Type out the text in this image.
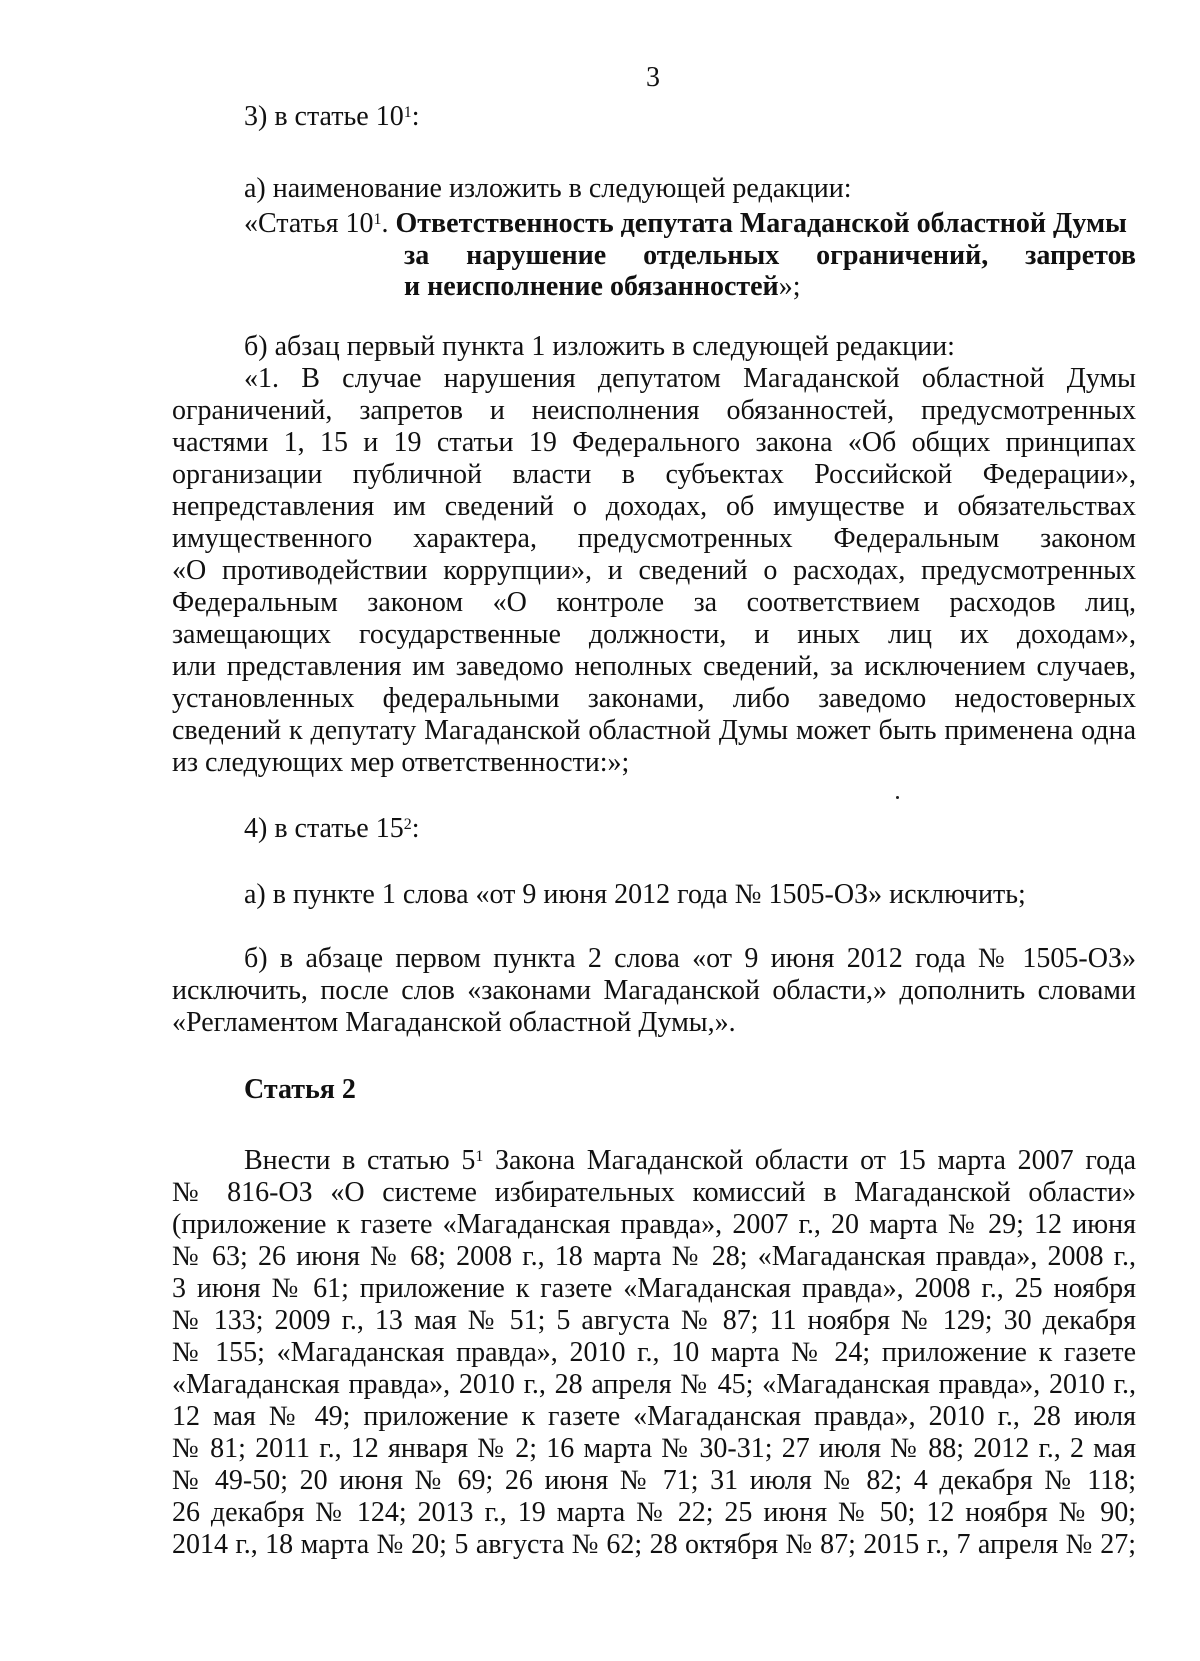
3
3) в статье $10^1$:
а) наименование изложить в следующей редакции:
«Статья $10^1$. Ответственность депутата Магаданской областной Думы
за нарушение отдельных ограничений, запретов
и неисполнение обязанностей»;
б) абзац первый пункта 1 изложить в следующей редакции:
«1. В случае нарушения депутатом Магаданской областной Думы
ограничений, запретов и неисполнения обязанностей, предусмотренных
частями 1, 15 и 19 статьи 19 Федерального закона «Об общих принципах
организации публичной власти в субъектах Российской Федерации»,
непредставления им сведений о доходах, об имуществе и обязательствах
имущественного характера, предусмотренных Федеральным законом
«О противодействии коррупции», и сведений о расходах, предусмотренных
Федеральным законом «О контроле за соответствием расходов лиц,
замещающих государственные должности, и иных лиц их доходам»,
или представления им заведомо неполных сведений, за исключением случаев,
установленных федеральными законами, либо заведомо недостоверных
сведений к депутату Магаданской областной Думы может быть применена одна
из следующих мер ответственности:»;
4) в статье $15^2$:
а) в пункте 1 слова «от 9 июня 2012 года № 1505-ОЗ» исключить;
б) в абзаце первом пункта 2 слова «от 9 июня 2012 года № 1505-ОЗ»
исключить, после слов «законами Магаданской области,» дополнить словами
«Регламентом Магаданской областной Думы,».
Статья 2
Внести в статью $5^1$ Закона Магаданской области от 15 марта 2007 года
№ 816-ОЗ «О системе избирательных комиссий в Магаданской области»
(приложение к газете «Магаданская правда», 2007 г., 20 марта № 29; 12 июня
№ 63; 26 июня № 68; 2008 г., 18 марта № 28; «Магаданская правда», 2008 г.,
3 июня № 61; приложение к газете «Магаданская правда», 2008 г., 25 ноября
№ 133; 2009 г., 13 мая № 51; 5 августа № 87; 11 ноября № 129; 30 декабря
№ 155; «Магаданская правда», 2010 г., 10 марта № 24; приложение к газете
«Магаданская правда», 2010 г., 28 апреля № 45; «Магаданская правда», 2010 г.,
12 мая № 49; приложение к газете «Магаданская правда», 2010 г., 28 июля
№ 81; 2011 г., 12 января № 2; 16 марта № 30-31; 27 июля № 88; 2012 г., 2 мая
№ 49-50; 20 июня № 69; 26 июня № 71; 31 июля № 82; 4 декабря № 118;
26 декабря № 124; 2013 г., 19 марта № 22; 25 июня № 50; 12 ноября № 90;
2014 г., 18 марта № 20; 5 августа № 62; 28 октября № 87; 2015 г., 7 апреля № 27;
